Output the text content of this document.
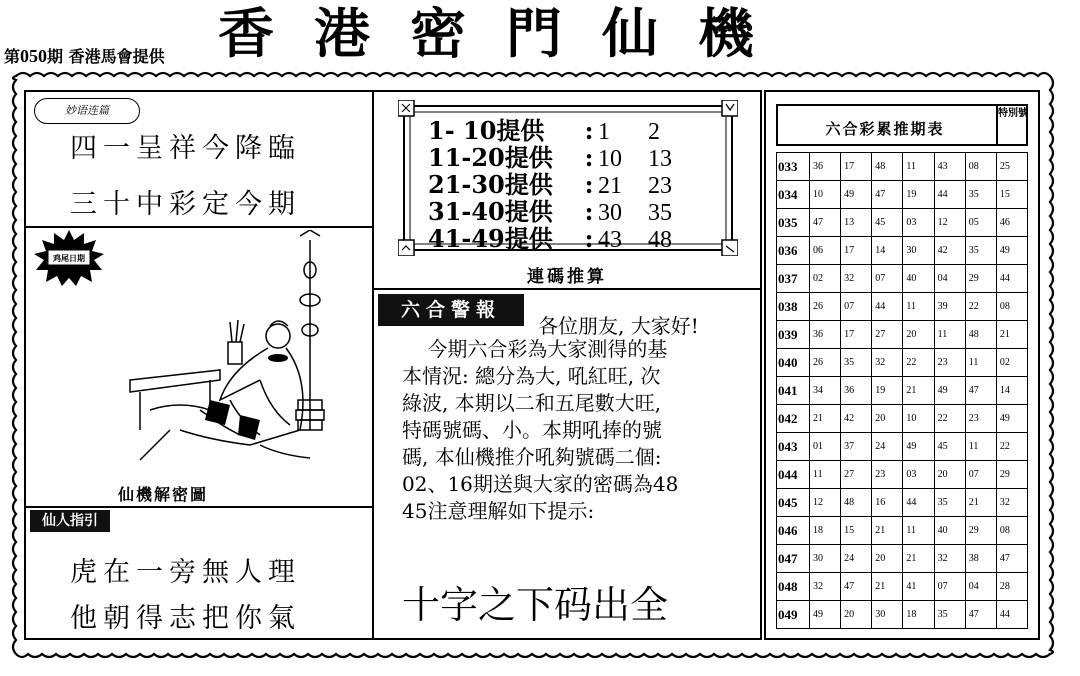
第050期 香港馬會提供 香港密門仙機
妙语连篇
四一呈祥今降臨
三十中彩定今期
鸡尾日期
仙機解密圖
仙人指引
虎在一旁無人理
他朝得志把你氣
1- 10提供 : 1 2
11-20提供 : 10 13
21-30提供 : 21 23
31-40提供 : 30 35
41-49提供 : 43 48
連碼推算
六合警報
各位朋友, 大家好!

今期六合彩為大家測得的基

本情況: 總分為大, 吼紅旺, 次

綠波, 本期以二和五尾數大旺,

特碼號碼、小。本期吼捧的號

碼, 本仙機推介吼夠號碼二個:

02、16期送與大家的密碼為48

45注意理解如下提示:

十字之下码出全
六合彩累推期表
特別號
033	36	17	48	11	43	08	25
034	10	49	47	19	44	35	15
035	47	13	45	03	12	05	46
036	06	17	14	30	42	35	49
037	02	32	07	40	04	29	44
038	26	07	44	11	39	22	08
039	36	17	27	20	11	48	21
040	26	35	32	22	23	11	02
041	34	36	19	21	49	47	14
042	21	42	20	10	22	23	49
043	01	37	24	49	45	11	22
044	11	27	23	03	20	07	29
045	12	48	16	44	35	21	32
046	18	15	21	11	40	29	08
047	30	24	20	21	32	38	47
048	32	47	21	41	07	04	28
049	49	20	30	18	35	47	44
